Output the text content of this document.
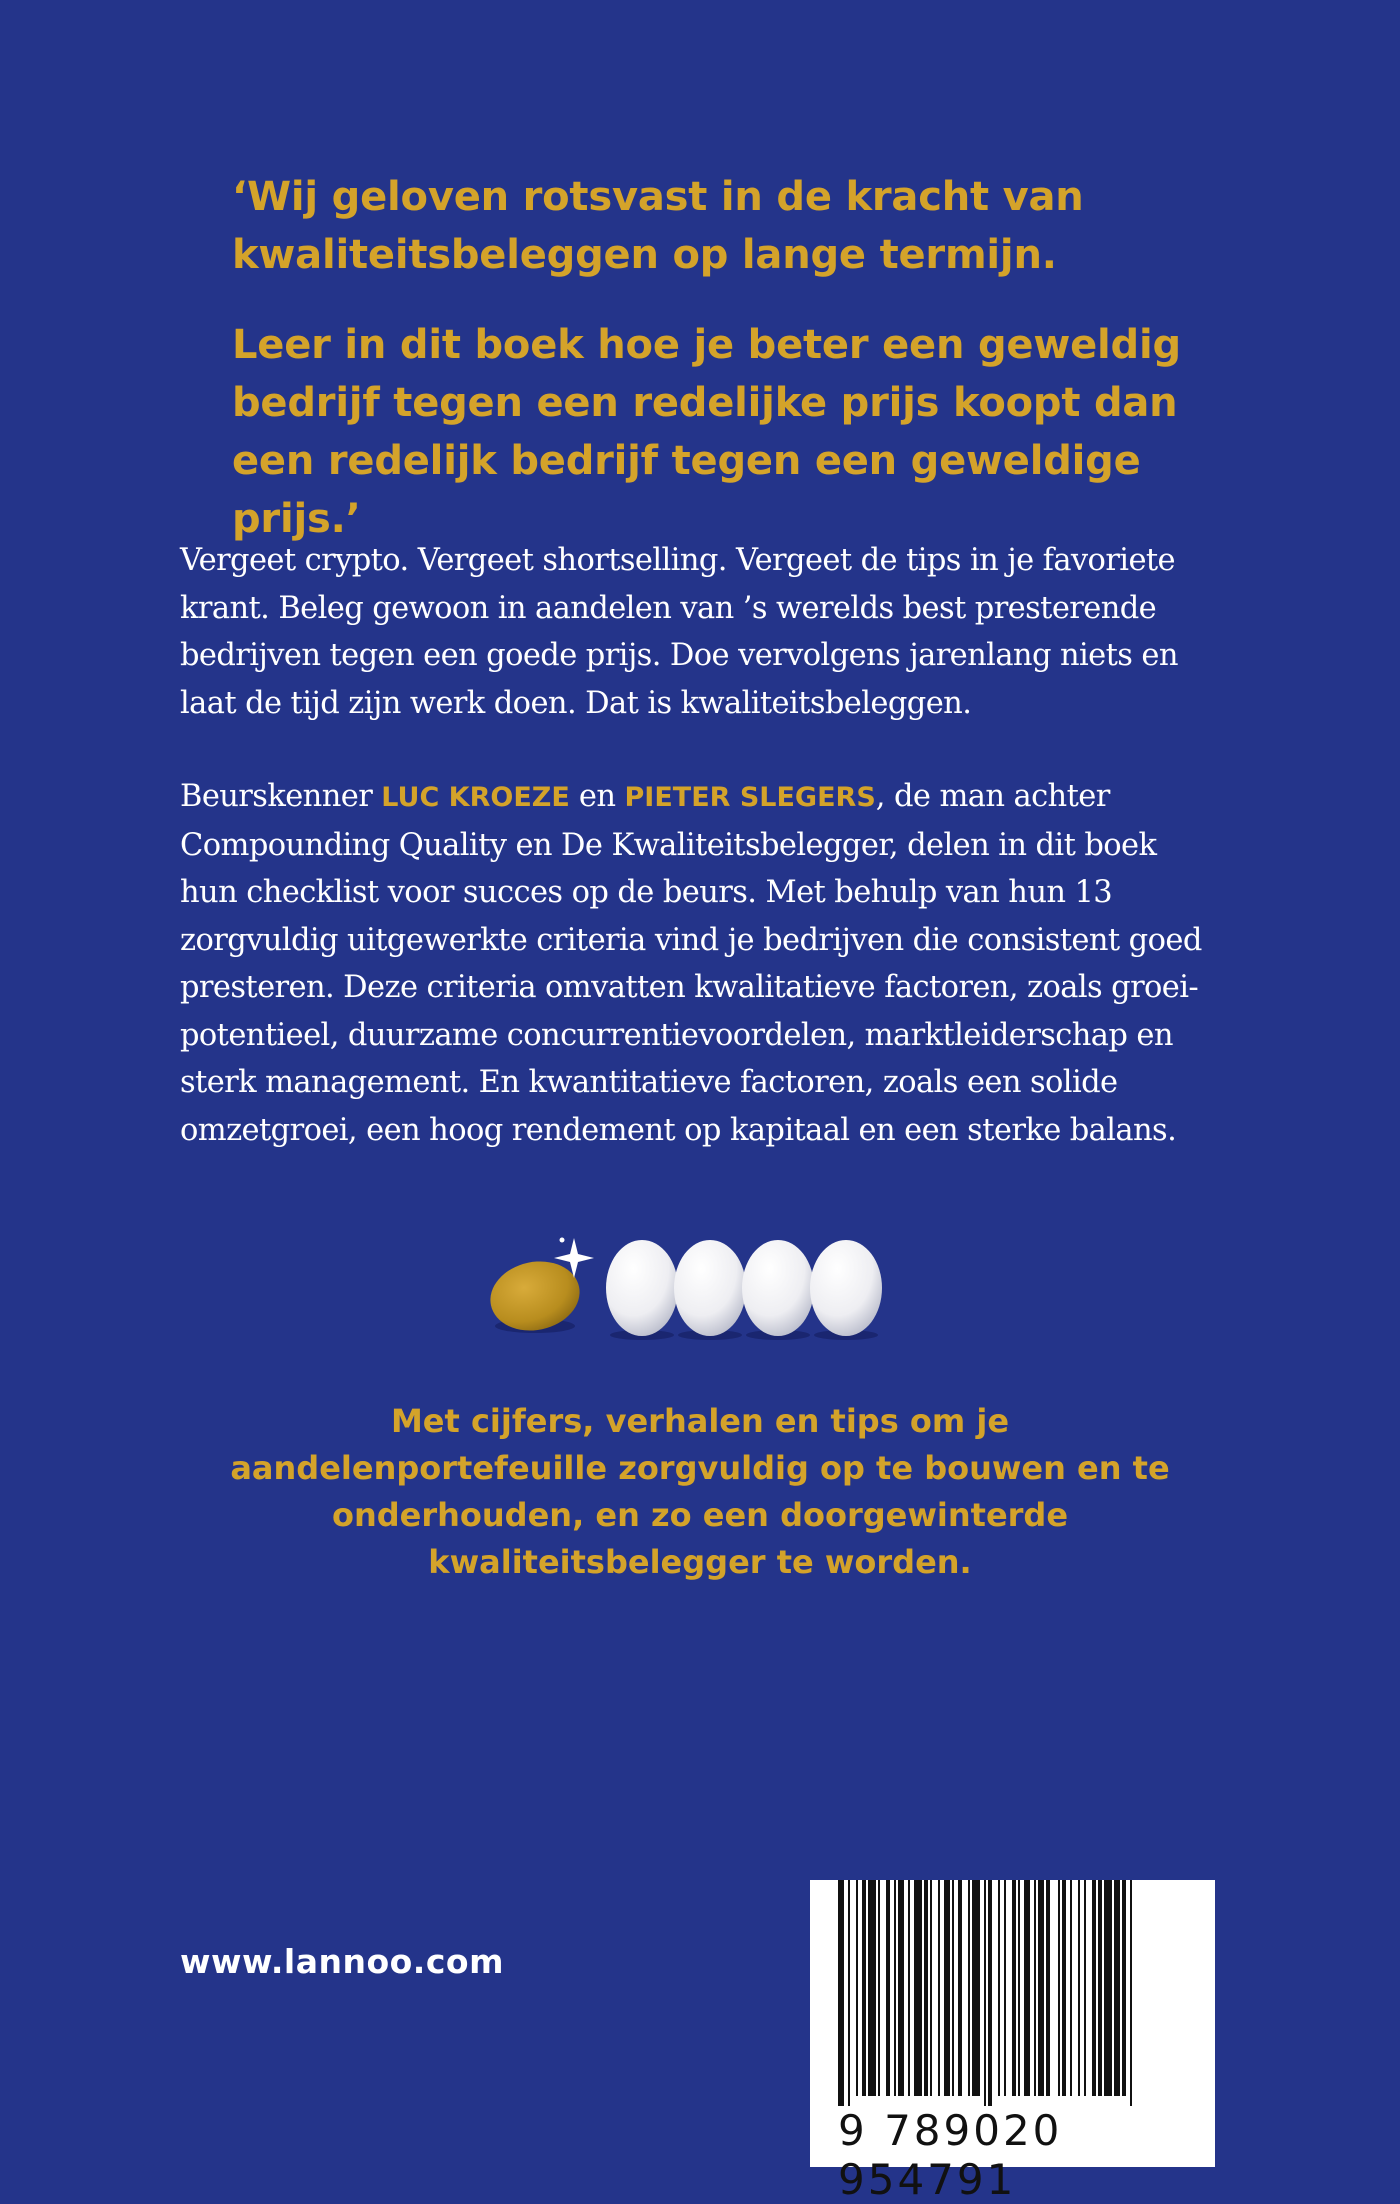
‘Wij geloven rotsvast in de kracht van kwaliteitsbeleggen op lange termijn.

Leer in dit boek hoe je beter een geweldig bedrijf tegen een redelijke prijs koopt dan een redelijk bedrijf tegen een geweldige prijs.’

Vergeet crypto. Vergeet shortselling. Vergeet de tips in je favoriete krant. Beleg gewoon in aandelen van ’s werelds best presterende bedrijven tegen een goede prijs. Doe vervolgens jarenlang niets en laat de tijd zijn werk doen. Dat is kwaliteitsbeleggen.

Beurskenner LUC KROEZE en PIETER SLEGERS, de man achter Compounding Quality en De Kwaliteitsbelegger, delen in dit boek hun checklist voor succes op de beurs. Met behulp van hun 13 zorgvuldig uitgewerkte criteria vind je bedrijven die consistent goed presteren. Deze criteria omvatten kwalitatieve factoren, zoals groei-potentieel, duurzame concurrentievoordelen, marktleiderschap en sterk management. En kwantitatieve factoren, zoals een solide omzetgroei, een hoog rendement op kapitaal en een sterke balans.

Met cijfers, verhalen en tips om je aandelenportefeuille zorgvuldig op te bouwen en te onderhouden, en zo een doorgewinterde kwaliteitsbelegger te worden.
www.lannoo.com
9 789020 954791
